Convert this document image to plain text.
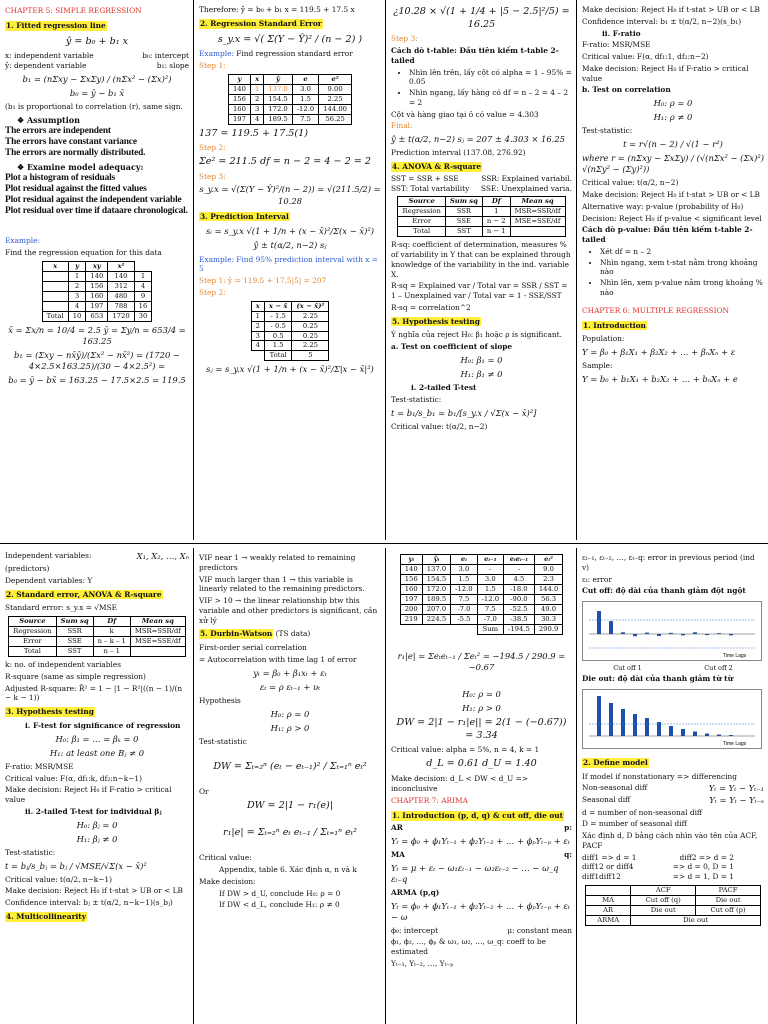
CHAPTER 5: SIMPLE REGRESSION
1. Fitted regression line
ŷ = b₀ + b₁ x
x: independent variable	b₀: intercept
ŷ: dependent variable	b₁: slope
b₁ = (nΣxy − ΣxΣy) / (nΣx² − (Σx)²)
b₀ = ȳ − b₁ x̄

(b₁ is proportional to correlation (r), same sign.

❖ Assumption
The errors are independent
The errors have constant variance
The errors are normally distributed.
❖ Examine model adequacy:
Plot a histogram of residuals
Plot residual against the fitted values
Plot residual against the independent variable
Plot residual over time if dataare chronological.

Example:

Find the regression equation for this data

x	y	xy	x²	
	1	140	140	1
	2	156	312	4
	3	160	480	9
	4	197	788	16
Total	10	653	1720	30
x̄ = Σx/n = 10/4 = 2.5 ȳ = Σy/n = 653/4 = 163.25
b₁ = (Σxy − nx̄ȳ)/(Σx² − nx̄²) = (1720 − 4×2.5×163.25)/(30 − 4×2.5²) =
b₀ = ȳ − bx̄ = 163.25 − 17.5×2.5 = 119.5

Therefore: ŷ = b₀ + b₁ x = 119.5 + 17.5 x

2. Regression Standard Error
s_y.x = √( Σ(Y − Ŷ)² / (n − 2) )

Example: Find regression standard error

Step 1:

y	x	ŷ	e	e²
140	1	137.0	3.0	9.00
156	2	154.5	1.5	2.25
160	3	172.0	-12.0	144.00
197	4	189.5	7.5	56.25
137 = 119.5 + 17.5(1)

Step 2:

Σe² = 211.5 df = n − 2 = 4 − 2 = 2

Step 3:

s_y.x = √(Σ(Y − Ŷ)²/(n − 2)) = √(211.5/2) = 10.28
3. Prediction Interval
sᵢ = s_y.x √(1 + 1/n + (x − x̄)²/Σ(x − x̄)²)
ŷ ± t(α/2, n−2) sⱼ

Example: Find 95% prediction interval with x = 5

Step 1: ŷ = 119.5 + 17.5|5| = 207

Step 2:

x	x − x̄	(x − x̄)²
1	- 1.5	2.25
2	- 0.5	0.25
3	0.5	0.25
4	1.5	2.25
	Total	5
sⱼ = s_y.x √(1 + 1/n + (x − x̄)²/Σ|x − x̄|²)
¿10.28 × √(1 + 1/4 + |5 − 2.5|²/5) = 16.25

Step 3:

Cách dò t-table: Đầu tiên kiếm t-table 2-tailed

• Nhìn lên trên, lấy cột có alpha = 1 – 95% = 0.05
• Nhìn ngang, lấy hàng có df = n – 2 = 4 – 2 = 2

Cột và hàng giao tại ô có value = 4.303

Final:

ŷ ± t(α/2, n−2) sⱼ = 207 ± 4.303 × 16.25

Prediction interval (137.08, 276.92)

4. ANOVA & R-square
SST = SSR + SSE	SSR: Explained variabil.
SST: Total variability SSE: Unexplained varia.
Source	Sum sq	Df	Mean sq
Regression	SSR	1	MSR=SSR/df
Error	SSE	n − 2	MSE=SSE/df
Total	SST	n − 1	

R-sq: coefficient of determination, measures % of variability in Y that can be explained through knowledge of the variability in the ind. variable X.

R-sq = Explained var / Total var = SSR / SST = 1 – Unexplained var / Total var = 1 - SSE/SST

R-sq = correlation^2

5. Hypothesis testing

Ý nghĩa của reject H₀: β₁ hoặc ρ is significant.

a. Test on coefficient of slope

H₀: β₁ = 0
H₁: β₁ ≠ 0

i. 2-tailed T-test

Test-statistic:

t = b₁/s_b₁ = b₁/[s_y.x / √Σ(x − x̄)²]

Critical value: t(α/2, n−2)

Make decision: Reject H₀ if t-stat > UB or < LB

Confidence interval: b₁ ± t(α/2, n−2)(s_b₁)

ii. F-ratio

F-ratio: MSR/MSE

Critical value: F(α, df₁:1, df₂:n−2)

Make decision: Reject H₀ if F-ratio > critical value

b. Test on correlation

H₀: ρ = 0
H₁: ρ ≠ 0

Test-statistic:

t = r√(n − 2) / √(1 − r²)
where r = (nΣxy − ΣxΣy) / (√(nΣx² − (Σx)²) √(nΣy² − (Σy)²))

Critical value: t(α/2, n−2)

Make decision: Reject H₀ if t-stat > UB or < LB

Alternative way: p-value (probability of H₀)

Decision: Reject H₀ if p-value < significant level

Cách dò p-value: Đầu tiên kiếm t-table 2-tailed

• Xét df = n – 2
• Nhìn ngang, xem t-stat nằm trong khoảng nào
• Nhìn lên, xem p-value nằm trong khoảng % nào
CHAPTER 6: MULTIPLE REGRESSION
1. Introduction

Population:

Y = β₀ + β₁X₁ + β₂X₂ + … + βₙXₙ + ε

Sample:

Y = b₀ + b₁X₁ + b₂X₂ + … + bₙXₙ + e
Independent variables:	X₁, X₂, …, Xₙ

(predictors)

Dependent variables: Y

2. Standard error, ANOVA & R-square

Standard error: s_y.x = √MSE

Source	Sum sq	Df	Mean sq
Regression	SSR	k	MSR=SSR/df
Error	SSE	n – k – 1	MSE=SSE/df
Total	SST	n – 1	

k: no. of independent variables

R-square (same as simple regression)

Adjusted R-square: R̄² = 1 − |1 − R²|((n − 1)/(n − k − 1))

3. Hypothesis testing

i. F-test for significance of regression

H₀: β₁ = … = βₖ = 0
H₁: at least one Bⱼ ≠ 0

F-ratio: MSR/MSE

Critical value: F(α, df₁:k, df₂:n−k−1)

Make decision: Reject H₀ if F-ratio > critical value

ii. 2-tailed T-test for individual βⱼ

H₀: βⱼ = 0
H₁: βⱼ ≠ 0

Test-statistic:

t = bⱼ/s_bⱼ = bⱼ / √MSE/√Σ(x − x̄)²

Critical value: t(α/2, n−k−1)

Make decision: Reject H₀ if t-stat > UB or < LB

Confidence interval: bⱼ ± t(α/2, n−k−1)(s_bⱼ)

4. Multicollinearity

VIF near 1 → weakly related to remaining predictors

VIF much larger than 1 → this variable is linearly related to the remaining predictors.

VIF > 10 → the linear relationship btw this variable and other predictors is significant, cần xử lý

5. Durbin-Watson (TS data)

First-order serial correlation

= Autocorrelation with time lag 1 of error

yₜ = β₀ + β₁xₜ + εₜ
εₜ = ρ εₜ₋₁ + υₜ

Hypothesis

H₀: ρ = 0
H₁: ρ > 0

Test-statistic

DW = Σₜ₌₂ⁿ (eₜ − eₜ₋₁)² / Σₜ₌₁ⁿ eₜ²

Or

DW = 2|1 − r₁(e)|
r₁|e| = Σₜ₌₂ⁿ eₜ eₜ₋₁ / Σₜ₌₁ⁿ eₜ²

Critical value:

Appendix, table 6. Xác định α, n và k

Make decision:

If DW > d_U, conclude H₀: ρ = 0

If DW < d_L, conclude H₁: ρ ≠ 0

yᵢ	ŷᵢ	eᵢ	eᵢ₋₁	eᵢeᵢ₋₁	eᵢ²
140	137.0	3.0	-	-	9.0
156	154.5	1.5	3.0	4.5	2.3
160	172.0	-12.0	1.5	-18.0	144.0
197	189.5	7.5	-12.0	-90.0	56.3
200	207.0	-7.0	7.5	-52.5	49.0
219	224.5	-5.5	-7.0	-38.5	30.3
			Sum	-194.5	290.9
r₁|e| = Σeₜeₜ₋₁ / Σeₜ² = −194.5 / 290.9 = −0.67
H₀: ρ = 0
H₁: ρ > 0
DW = 2|1 − r₁|e|| = 2(1 − (−0.67)) = 3.34

Critical value: alpha = 5%, n = 4, k = 1

d_L = 0.61 d_U = 1.40

Make decision: d_L < DW < d_U => inconclusive

CHAPTER 7: ARIMA
1. Introduction (p, d, q) & cut off, die out
AR	p:
Yₜ = ϕ₀ + ϕ₁Yₜ₋₁ + ϕ₂Yₜ₋₂ + … + ϕₚYₜ₋ₚ + εₜ
MA	q:
Yₜ = μ + εₜ − ω₁εₜ₋₁ − ω₂εₜ₋₂ − … − ω_q εₜ₋q

ARMA (p,q)

Yₜ = ϕ₀ + ϕ₁Yₜ₋₁ + ϕ₂Yₜ₋₂ + … + ϕₚYₜ₋ₚ + εₜ − ω
ϕ₀: intercept	μ: constant mean

ϕ₁, ϕ₂, …, ϕₚ & ω₁, ω₂, …, ω_q: coeff to be estimated

Yₜ₋₁, Yₜ₋₂, …, Yₜ₋ₚ

εₜ₋₁, εₜ₋₂, …, εₜ₋q: error in previous period (ind v)

εₜ: error

Cut off: độ dài của thanh giảm đột ngột

Time Lags
Cut off 1	Cut off 2

Die out: độ dài của thanh giảm từ từ

Time Lags
2. Define model

If model if nonstationary => differencing

Non-seasonal diff	Yₜ = Yₜ − Yₜ₋₁
Seasonal diff	Yₜ = Yₜ − Yₜ₋ₛ

d = number of non-seasonal diff

D = number of seasonal diff

Xác định d, D bằng cách nhìn vào tên của ACF, PACF

diff1 => d = 1	diff2 => d = 2
diff12 or diff4	=> d = 0, D = 1
diff1diff12	=> d = 1, D = 1
	ACF	PACF
MA	Cut off (q)	Die out
AR	Die out	Cut off (p)
ARMA	Die out	
